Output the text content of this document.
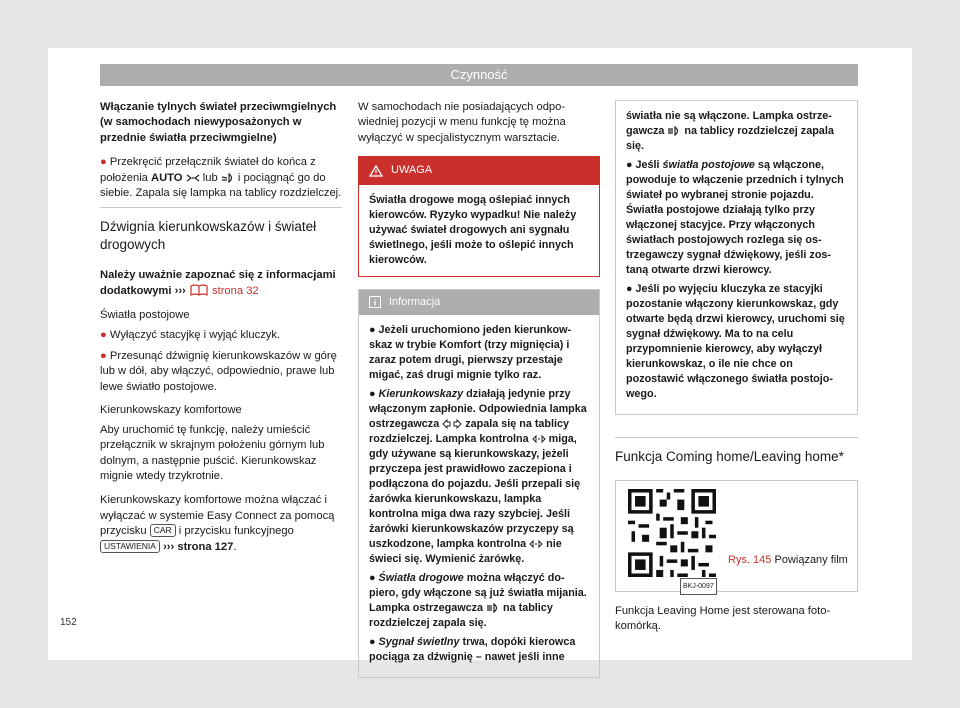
Czynność

Włączanie tylnych świateł przeciwmgielnych (w samochodach niewyposażonych w przednie światła przeciwmgielne)

● Przekręcić przełącznik świateł do końca z położenia AUTO  lub  i pociągnąć go do siebie. Zapala się lampka na tablicy rozdzielczej.

Dźwignia kierunkowskazów i świateł drogowych

Należy uważnie zapoznać się z informacjami dodatkowymi ››› strona 32

Światła postojowe

● Wyłączyć stacyjkę i wyjąć kluczyk.

● Przesunąć dźwignię kierunkowskazów w górę lub w dół, aby włączyć, odpowiednio, prawe lub lewe światło postojowe.

Kierunkowskazy komfortowe

Aby uruchomić tę funkcję, należy umieścić przełącznik w skrajnym położeniu górnym lub dolnym, a następnie puścić. Kierunkowskaz mignie wtedy trzykrotnie.

Kierunkowskazy komfortowe można włączać i wyłączać w systemie Easy Connect za pomocą przycisku CAR i przycisku funkcyjnego USTAWIENIA ››› strona 127.

W samochodach nie posiadających odpowiedniej pozycji w menu funkcję tę można wyłączyć w specjalistycznym warsztacie.

UWAGA
Światła drogowe mogą oślepiać innych kierowców. Ryzyko wypadku! Nie należy używać świateł drogowych ani sygnału świetlnego, jeśli może to oślepić innych kierowców.
Informacja

● Jeżeli uruchomiono jeden kierunkowskaz w trybie Komfort (trzy mignięcia) i zaraz potem drugi, pierwszy przestaje migać, zaś drugi mignie tylko raz.

● Kierunkowskazy działają jedynie przy włączonym zapłonie. Odpowiednia lampka ostrzegawcza  zapala się na tablicy rozdzielczej. Lampka kontrolna  miga, gdy używane są kierunkowskazy, jeżeli przyczepa jest prawidłowo zaczepiona i podłączona do pojazdu. Jeśli przepali się żarówka kierunkowskazu, lampka kontrolna miga dwa razy szybciej. Jeśli żarówki kierunkowskazów przyczepy są uszkodzone, lampka kontrolna  nie świeci się. Wymienić żarówkę.

● Światła drogowe można włączyć dopiero, gdy włączone są już światła mijania. Lampka ostrzegawcza  na tablicy rozdzielczej zapala się.

● Sygnał świetlny trwa, dopóki kierowca pociąga za dźwignię – nawet jeśli inne

światła nie są włączone. Lampka ostrzegawcza  na tablicy rozdzielczej zapala się.

● Jeśli światła postojowe są włączone, powoduje to włączenie przednich i tylnych świateł po wybranej stronie pojazdu. Światła postojowe działają tylko przy włączonej stacyjce. Przy włączonych światłach postojowych rozlega się ostrzegawczy sygnał dźwiękowy, jeśli zostaną otwarte drzwi kierowcy.

● Jeśli po wyjęciu kluczyka ze stacyjki pozostanie włączony kierunkowskaz, gdy otwarte będą drzwi kierowcy, uruchomi się sygnał dźwiękowy. Ma to na celu przypomnienie kierowcy, aby wyłączył kierunkowskaz, o ile nie chce on pozostawić włączonego światła postojowego.

Funkcja Coming home/Leaving home*
BKJ-0097
Rys. 145 Powiązany film

Funkcja Leaving Home jest sterowana fotokomórką.

152
